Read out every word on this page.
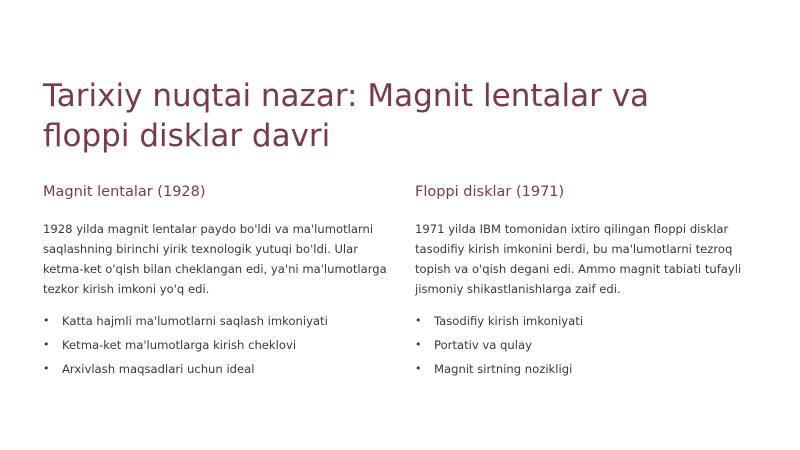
Tarixiy nuqtai nazar: Magnit lentalar va floppi disklar davri
Magnit lentalar (1928)

1928 yilda magnit lentalar paydo bo'ldi va ma'lumotlarni saqlashning birinchi yirik texnologik yutuqi bo'ldi. Ular ketma-ket o'qish bilan cheklangan edi, ya'ni ma'lumotlarga tezkor kirish imkoni yo'q edi.

• Katta hajmli ma'lumotlarni saqlash imkoniyati
• Ketma-ket ma'lumotlarga kirish cheklovi
• Arxivlash maqsadlari uchun ideal
Floppi disklar (1971)

1971 yilda IBM tomonidan ixtiro qilingan floppi disklar tasodifiy kirish imkonini berdi, bu ma'lumotlarni tezroq topish va o'qish degani edi. Ammo magnit tabiati tufayli jismoniy shikastlanishlarga zaif edi.

• Tasodifiy kirish imkoniyati
• Portativ va qulay
• Magnit sirtning nozikligi
